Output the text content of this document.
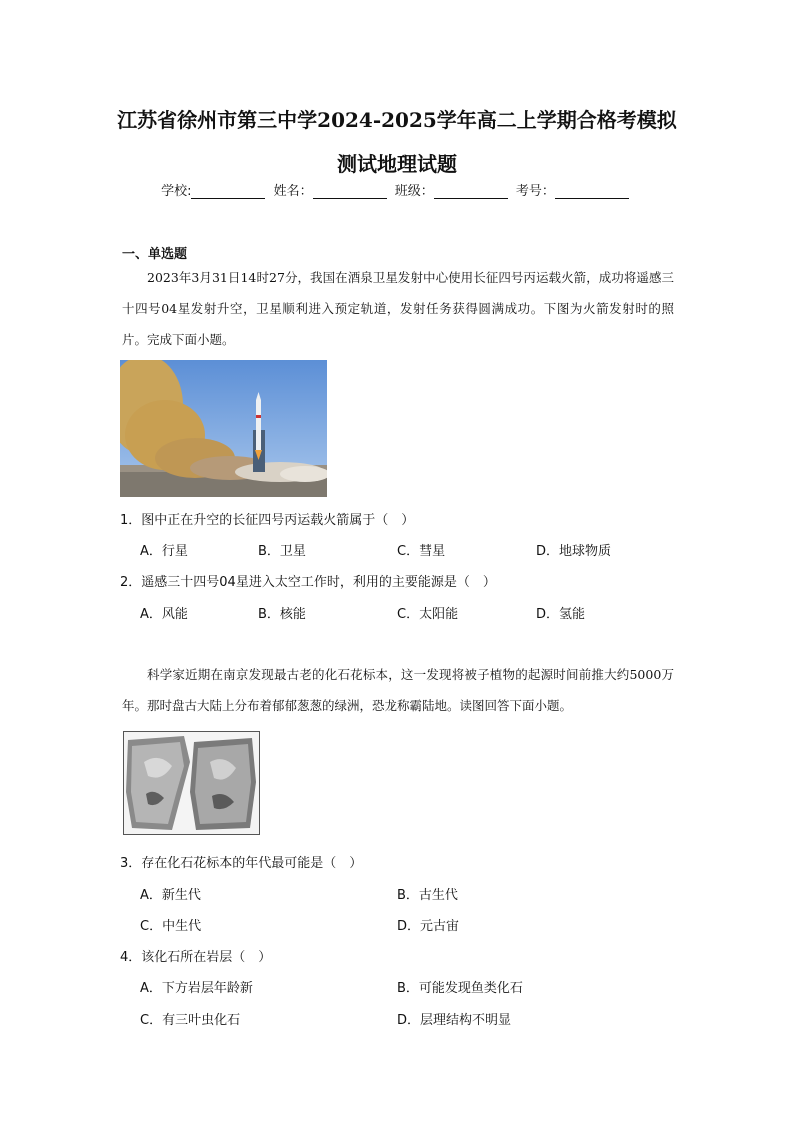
江苏省徐州市第三中学2024-2025学年高二上学期合格考模拟
测试地理试题
学校:	姓名：	班级：	考号：
一、单选题
2023年3月31日14时27分，我国在酒泉卫星发射中心使用长征四号丙运载火箭，成功将遥感三十四号04星发射升空，卫星顺利进入预定轨道，发射任务获得圆满成功。下图为火箭发射时的照片。完成下面小题。
1．图中正在升空的长征四号丙运载火箭属于（　）
A．行星	B．卫星	C．彗星	D．地球物质
2．遥感三十四号04星进入太空工作时，利用的主要能源是（　）
A．风能	B．核能	C．太阳能	D．氢能
科学家近期在南京发现最古老的化石花标本，这一发现将被子植物的起源时间前推大约5000万年。那时盘古大陆上分布着郁郁葱葱的绿洲，恐龙称霸陆地。读图回答下面小题。
3．存在化石花标本的年代最可能是（　）
A．新生代	B．古生代
C．中生代	D．元古宙
4．该化石所在岩层（　）
A．下方岩层年龄新	B．可能发现鱼类化石
C．有三叶虫化石	D．层理结构不明显
